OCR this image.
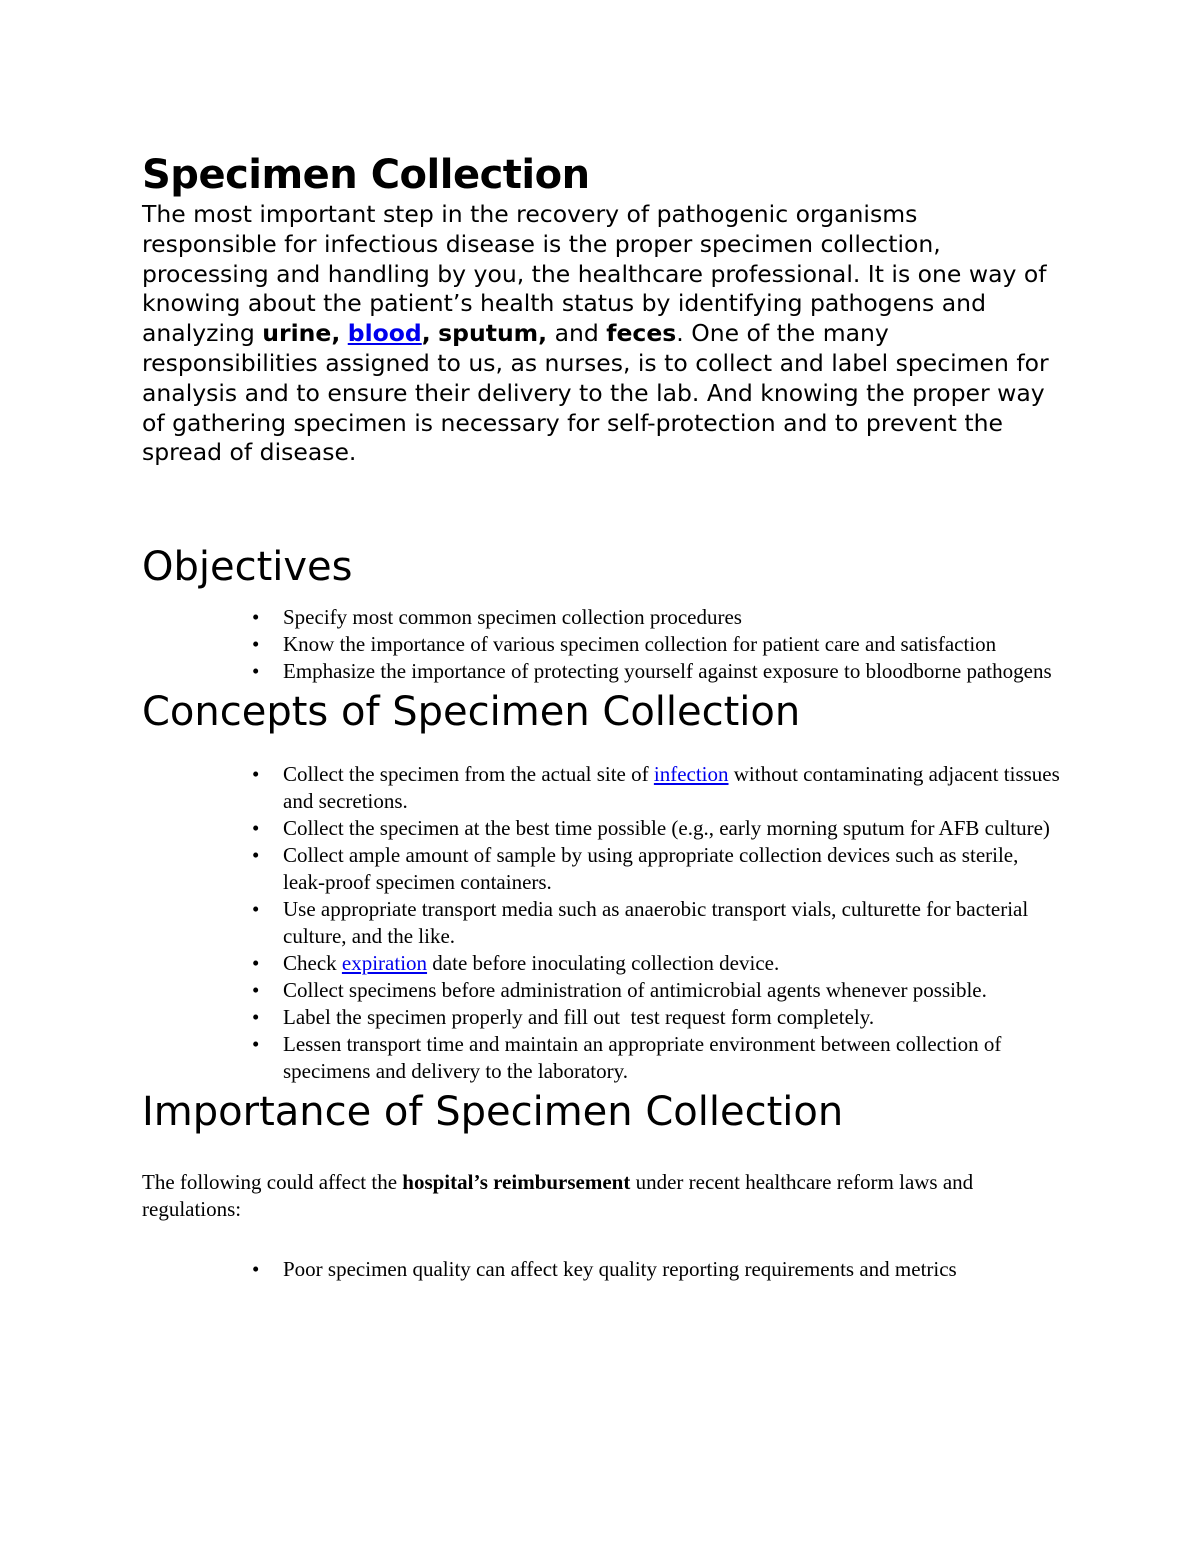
Specimen Collection

The most important step in the recovery of pathogenic organisms responsible for infectious disease is the proper specimen collection, processing and handling by you, the healthcare professional. It is one way of knowing about the patient’s health status by identifying pathogens and analyzing urine, blood, sputum, and feces. One of the many responsibilities assigned to us, as nurses, is to collect and label specimen for analysis and to ensure their delivery to the lab. And knowing the proper way of gathering specimen is necessary for self-protection and to prevent the spread of disease.

Objectives
• Specify most common specimen collection procedures
• Know the importance of various specimen collection for patient care and satisfaction
• Emphasize the importance of protecting yourself against exposure to bloodborne pathogens
Concepts of Specimen Collection
• Collect the specimen from the actual site of infection without contaminating adjacent tissues and secretions.
• Collect the specimen at the best time possible (e.g., early morning sputum for AFB culture)
• Collect ample amount of sample by using appropriate collection devices such as sterile, leak-proof specimen containers.
• Use appropriate transport media such as anaerobic transport vials, culturette for bacterial culture, and the like.
• Check expiration date before inoculating collection device.
• Collect specimens before administration of antimicrobial agents whenever possible.
• Label the specimen properly and fill out  test request form completely.
• Lessen transport time and maintain an appropriate environment between collection of specimens and delivery to the laboratory.
Importance of Specimen Collection

The following could affect the hospital’s reimbursement under recent healthcare reform laws and regulations:

• Poor specimen quality can affect key quality reporting requirements and metrics
